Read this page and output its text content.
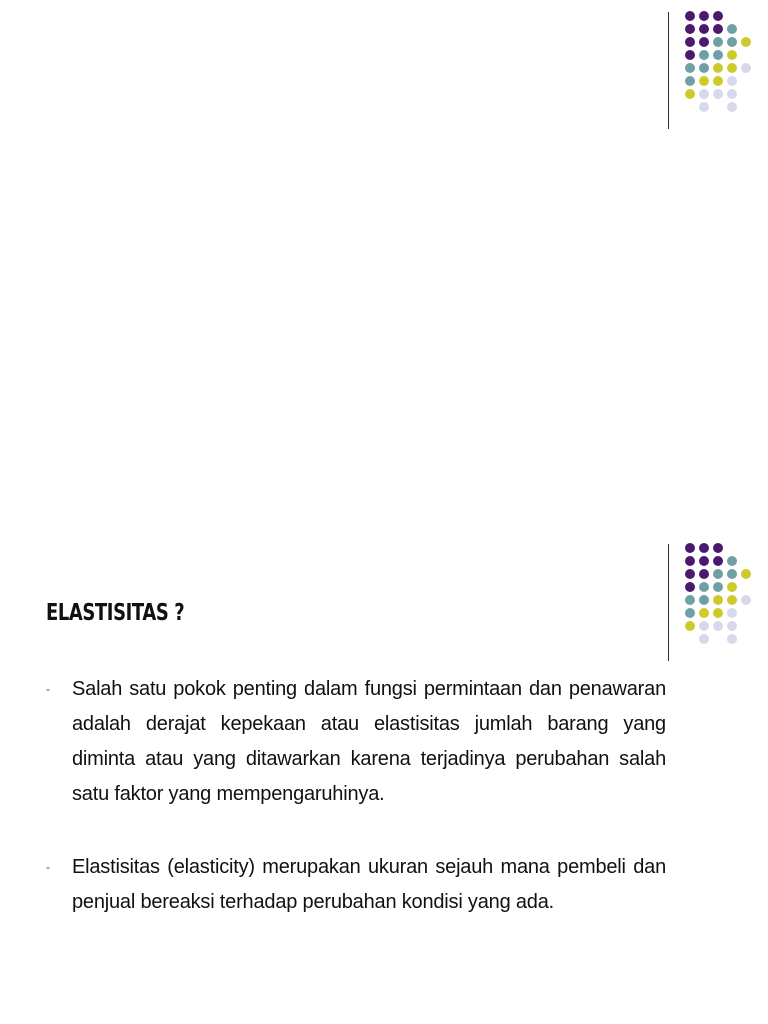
ELASTISITAS ?
- Salah satu pokok penting dalam fungsi permintaan dan penawaran adalah derajat kepekaan atau elastisitas jumlah barang yang diminta atau yang ditawarkan karena terjadinya perubahan salah satu faktor yang mempengaruhinya.
- Elastisitas (elasticity) merupakan ukuran sejauh mana pembeli dan penjual bereaksi terhadap perubahan kondisi yang ada.
